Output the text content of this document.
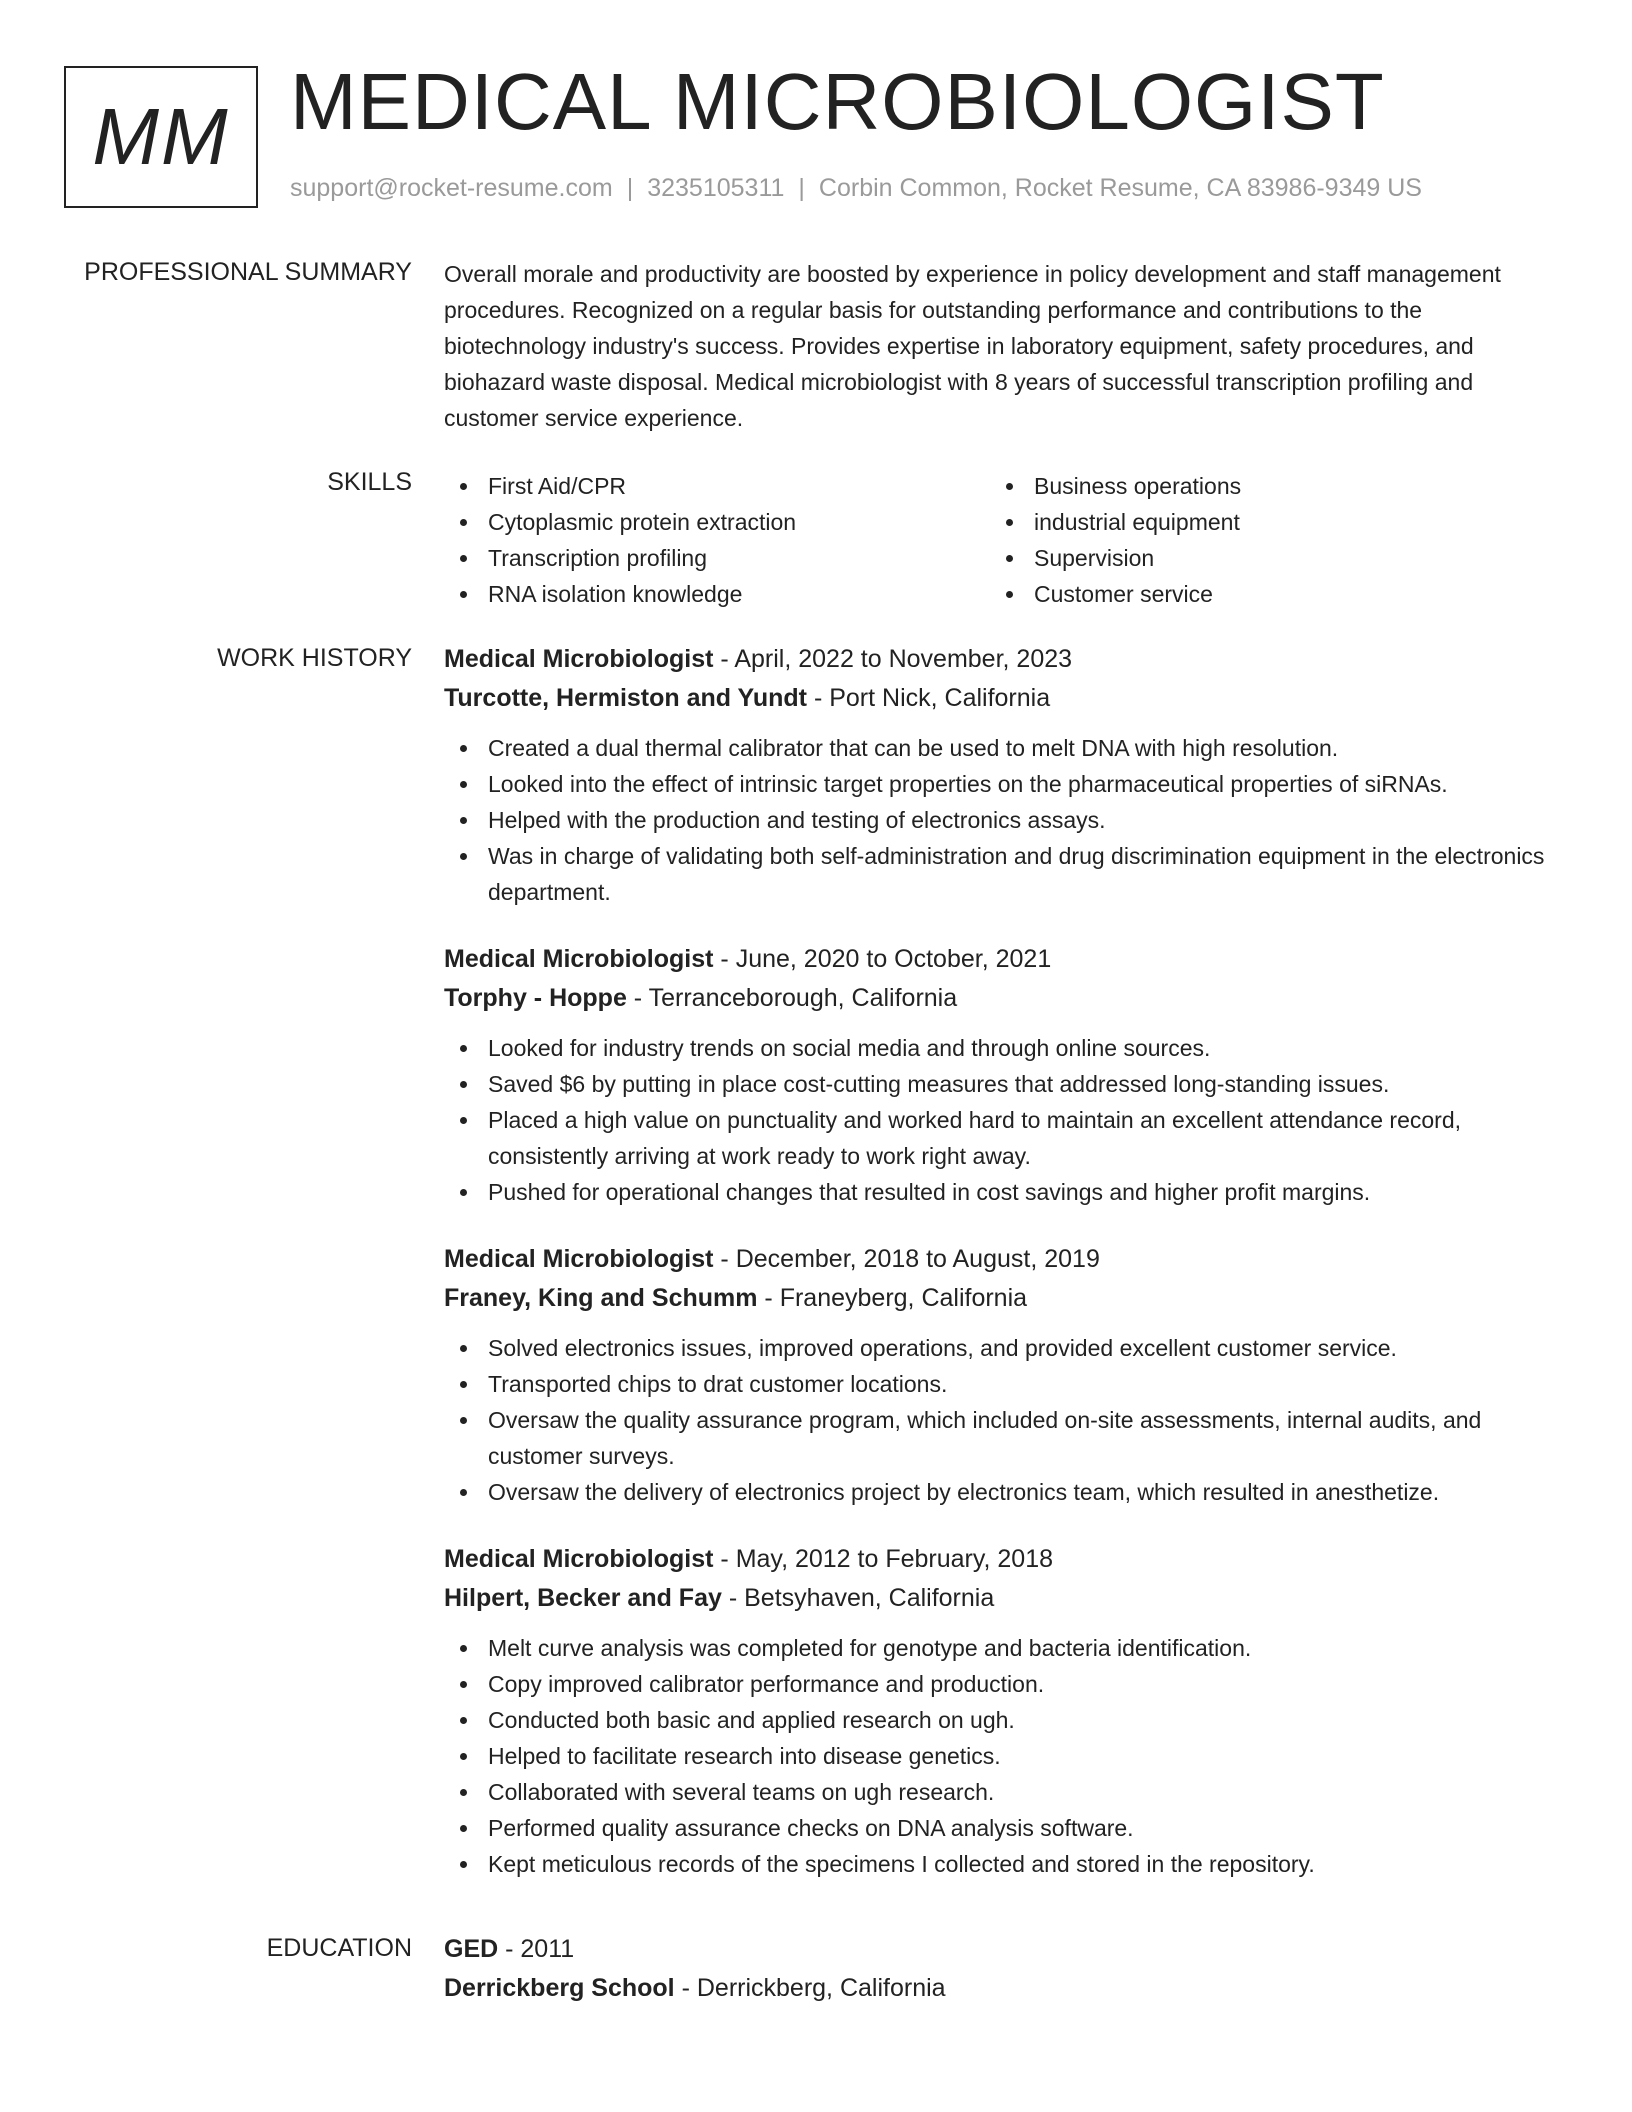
MM MEDICAL MICROBIOLOGIST
support@rocket-resume.com | 3235105311 | Corbin Common, Rocket Resume, CA 83986-9349 US
PROFESSIONAL SUMMARY Overall morale and productivity are boosted by experience in policy development and staff management procedures. Recognized on a regular basis for outstanding performance and contributions to the biotechnology industry's success. Provides expertise in laboratory equipment, safety procedures, and biohazard waste disposal. Medical microbiologist with 8 years of successful transcription profiling and customer service experience.

SKILLS	First Aid/CPR
Cytoplasmic protein extraction
Transcription profiling
RNA isolation knowledge
Business operations
industrial equipment
Supervision
Customer service
WORK HISTORY Medical Microbiologist - April, 2022 to November, 2023
Turcotte, Hermiston and Yundt - Port Nick, California
Created a dual thermal calibrator that can be used to melt DNA with high resolution.
Looked into the effect of intrinsic target properties on the pharmaceutical properties of siRNAs.
Helped with the production and testing of electronics assays.
Was in charge of validating both self-administration and drug discrimination equipment in the electronics department.
Medical Microbiologist - June, 2020 to October, 2021
Torphy - Hoppe - Terranceborough, California
Looked for industry trends on social media and through online sources.
Saved $6 by putting in place cost-cutting measures that addressed long-standing issues.
Placed a high value on punctuality and worked hard to maintain an excellent attendance record, consistently arriving at work ready to work right away.
Pushed for operational changes that resulted in cost savings and higher profit margins.
Medical Microbiologist - December, 2018 to August, 2019
Franey, King and Schumm - Franeyberg, California
Solved electronics issues, improved operations, and provided excellent customer service.
Transported chips to drat customer locations.
Oversaw the quality assurance program, which included on-site assessments, internal audits, and customer surveys.
Oversaw the delivery of electronics project by electronics team, which resulted in anesthetize.
Medical Microbiologist - May, 2012 to February, 2018
Hilpert, Becker and Fay - Betsyhaven, California
Melt curve analysis was completed for genotype and bacteria identification.
Copy improved calibrator performance and production.
Conducted both basic and applied research on ugh.
Helped to facilitate research into disease genetics.
Collaborated with several teams on ugh research.
Performed quality assurance checks on DNA analysis software.
Kept meticulous records of the specimens I collected and stored in the repository.
EDUCATION GED - 2011
Derrickberg School - Derrickberg, California
